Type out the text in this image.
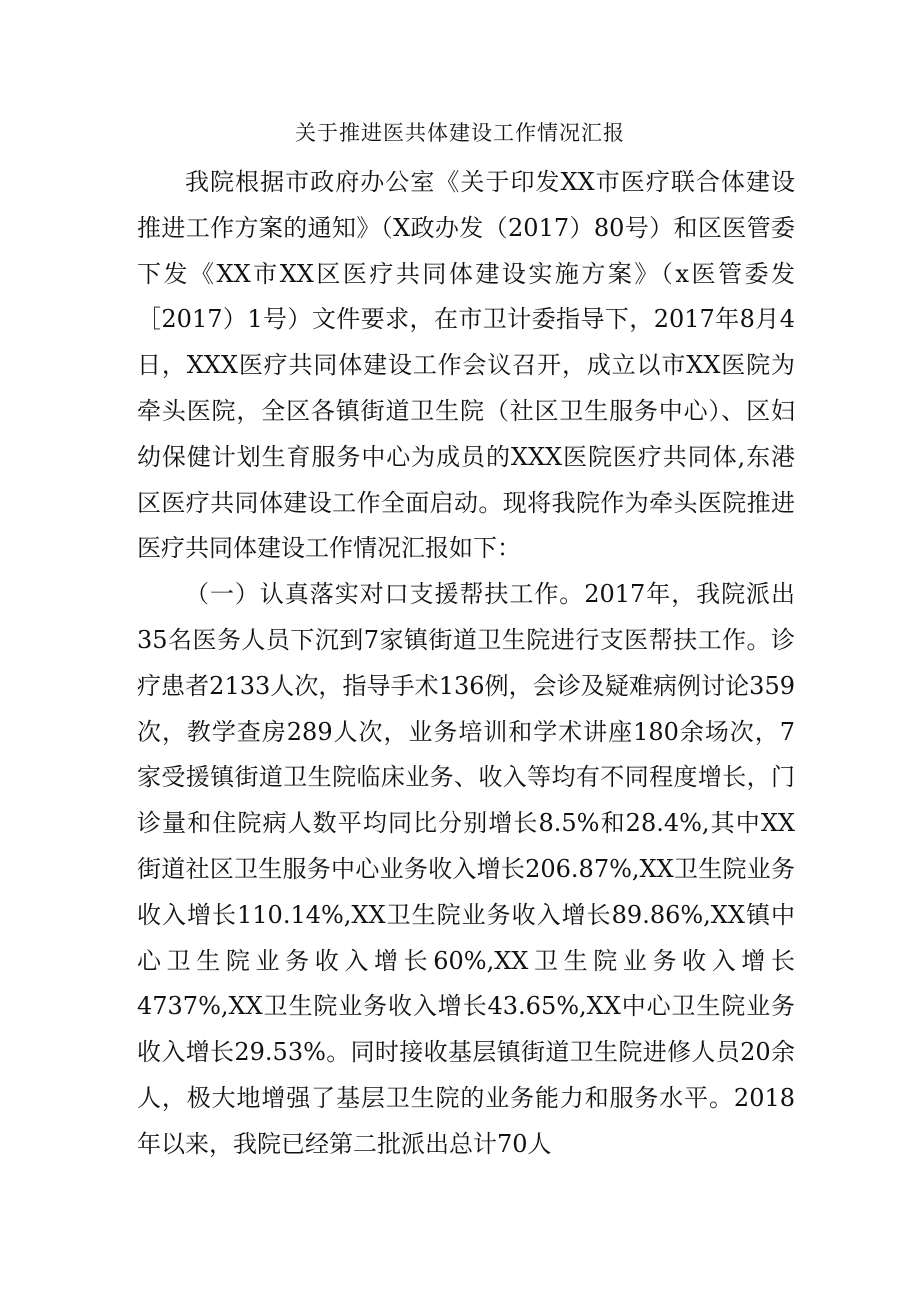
关于推进医共体建设工作情况汇报

我院根据市政府办公室《关于印发XX市医疗联合体建设推进工作方案的通知》（X政办发（2017）80号）和区医管委下发《XX市XX区医疗共同体建设实施方案》（x医管委发［2017）1号）文件要求，在市卫计委指导下，2017年8月4日，XXX医疗共同体建设工作会议召开，成立以市XX医院为牵头医院，全区各镇街道卫生院（社区卫生服务中心）、区妇幼保健计划生育服务中心为成员的XXX医院医疗共同体,东港区医疗共同体建设工作全面启动。现将我院作为牵头医院推进医疗共同体建设工作情况汇报如下：

（一）认真落实对口支援帮扶工作。2017年，我院派出35名医务人员下沉到7家镇街道卫生院进行支医帮扶工作。诊疗患者2133人次，指导手术136例，会诊及疑难病例讨论359次，教学查房289人次，业务培训和学术讲座180余场次，7家受援镇街道卫生院临床业务、收入等均有不同程度增长，门诊量和住院病人数平均同比分别增长8.5%和28.4%,其中XX街道社区卫生服务中心业务收入增长206.87%,XX卫生院业务收入增长110.14%,XX卫生院业务收入增长89.86%,XX镇中心卫生院业务收入增长60%,XX卫生院业务收入增长4737%,XX卫生院业务收入增长43.65%,XX中心卫生院业务收入增长29.53%。同时接收基层镇街道卫生院进修人员20余人，极大地增强了基层卫生院的业务能力和服务水平。2018年以来，我院已经第二批派出总计70人
